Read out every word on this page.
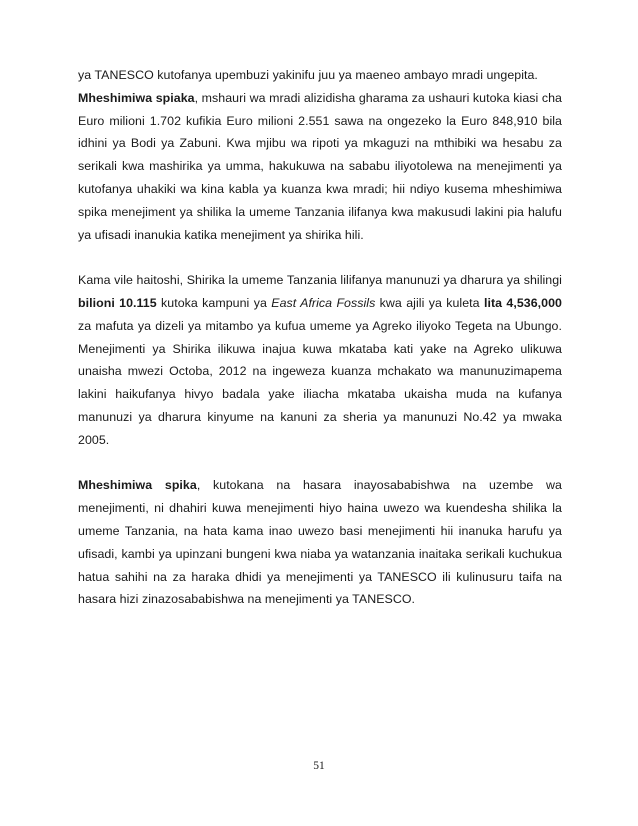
ya TANESCO kutofanya upembuzi yakinifu juu ya maeneo ambayo mradi ungepita.

Mheshimiwa spiaka, mshauri wa mradi alizidisha gharama za ushauri kutoka kiasi cha Euro milioni 1.702 kufikia Euro milioni 2.551 sawa na ongezeko la Euro 848,910 bila idhini ya Bodi ya Zabuni. Kwa mjibu wa ripoti ya mkaguzi na mthibiki wa hesabu za serikali kwa mashirika ya umma, hakukuwa na sababu iliyotolewa na menejimenti ya kutofanya uhakiki wa kina kabla ya kuanza kwa mradi; hii ndiyo kusema mheshimiwa spika menejiment ya shilika la umeme Tanzania ilifanya kwa makusudi lakini pia halufu ya ufisadi inanukia katika menejiment ya shirika hili.

Kama vile haitoshi, Shirika la umeme Tanzania lilifanya manunuzi ya dharura ya shilingi bilioni 10.115 kutoka kampuni ya East Africa Fossils kwa ajili ya kuleta lita 4,536,000 za mafuta ya dizeli ya mitambo ya kufua umeme ya Agreko iliyoko Tegeta na Ubungo. Menejimenti ya Shirika ilikuwa inajua kuwa mkataba kati yake na Agreko ulikuwa unaisha mwezi Octoba, 2012 na ingeweza kuanza mchakato wa manunuzimapema lakini haikufanya hivyo badala yake iliacha mkataba ukaisha muda na kufanya manunuzi ya dharura kinyume na kanuni za sheria ya manunuzi No.42 ya mwaka 2005.

Mheshimiwa spika, kutokana na hasara inayosababishwa na uzembe wa menejimenti, ni dhahiri kuwa menejimenti hiyo haina uwezo wa kuendesha shilika la umeme Tanzania, na hata kama inao uwezo basi menejimenti hii inanuka harufu ya ufisadi, kambi ya upinzani bungeni kwa niaba ya watanzania inaitaka serikali kuchukua hatua sahihi na za haraka dhidi ya menejimenti ya TANESCO ili kulinusuru taifa na hasara hizi zinazosababishwa na menejimenti ya TANESCO.

51
